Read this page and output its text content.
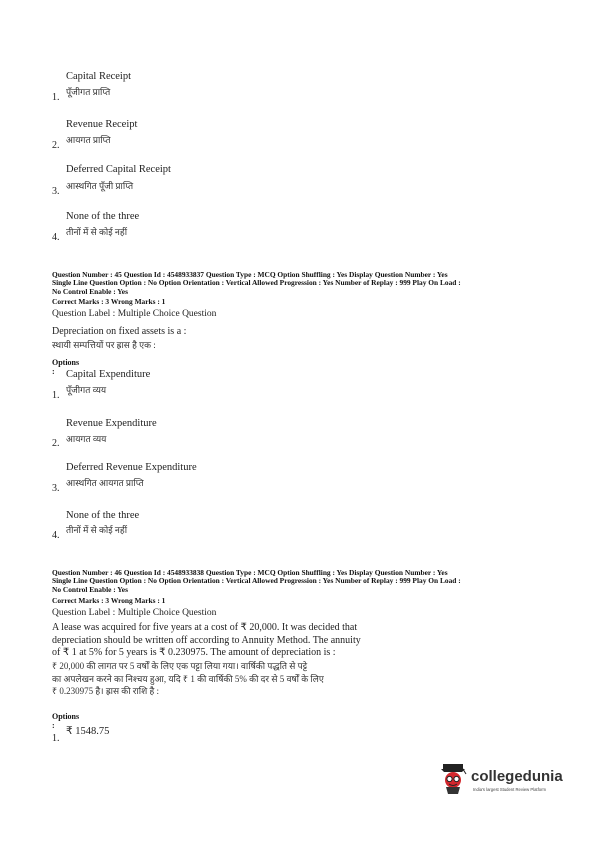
Capital Receipt
पूँजीगत प्राप्ति
1.
Revenue Receipt
आयगत प्राप्ति
2.
Deferred Capital Receipt
आस्थगित पूँजी प्राप्ति
3.
None of the three
तीनों में से कोई नहीं
4.
Question Number : 45 Question Id : 4548933837 Question Type : MCQ Option Shuffling : Yes Display Question Number : Yes
Single Line Question Option : No Option Orientation : Vertical Allowed Progression : Yes Number of Replay : 999 Play On Load :
No Control Enable : Yes
Correct Marks : 3 Wrong Marks : 1
Question Label : Multiple Choice Question
Depreciation on fixed assets is a :
स्थायी सम्पत्तियों पर ह्रास है एक :
Options :	Capital Expenditure
पूँजीगत व्यय
1.
Revenue Expenditure
आयगत व्यय
2.
Deferred Revenue Expenditure
आस्थगित आयगत प्राप्ति
3.
None of the three
तीनों में से कोई नहीं
4.
Question Number : 46 Question Id : 4548933838 Question Type : MCQ Option Shuffling : Yes Display Question Number : Yes
Single Line Question Option : No Option Orientation : Vertical Allowed Progression : Yes Number of Replay : 999 Play On Load :
No Control Enable : Yes
Correct Marks : 3 Wrong Marks : 1
Question Label : Multiple Choice Question
A lease was acquired for five years at a cost of ₹ 20,000. It was decided that
depreciation should be written off according to Annuity Method. The annuity
of ₹ 1 at 5% for 5 years is ₹ 0.230975. The amount of depreciation is :
₹ 20,000 की लागत पर 5 वर्षों के लिए एक पट्टा लिया गया। वार्षिकी पद्धति से पट्टे
का अपलेखन करने का निश्चय हुआ, यदि ₹ 1 की वार्षिकी 5% की दर से 5 वर्षों के लिए
₹ 0.230975 है। ह्रास की राशि है :
Options :
₹ 1548.75
1.
collegedunia
India's largest Student Review Platform
